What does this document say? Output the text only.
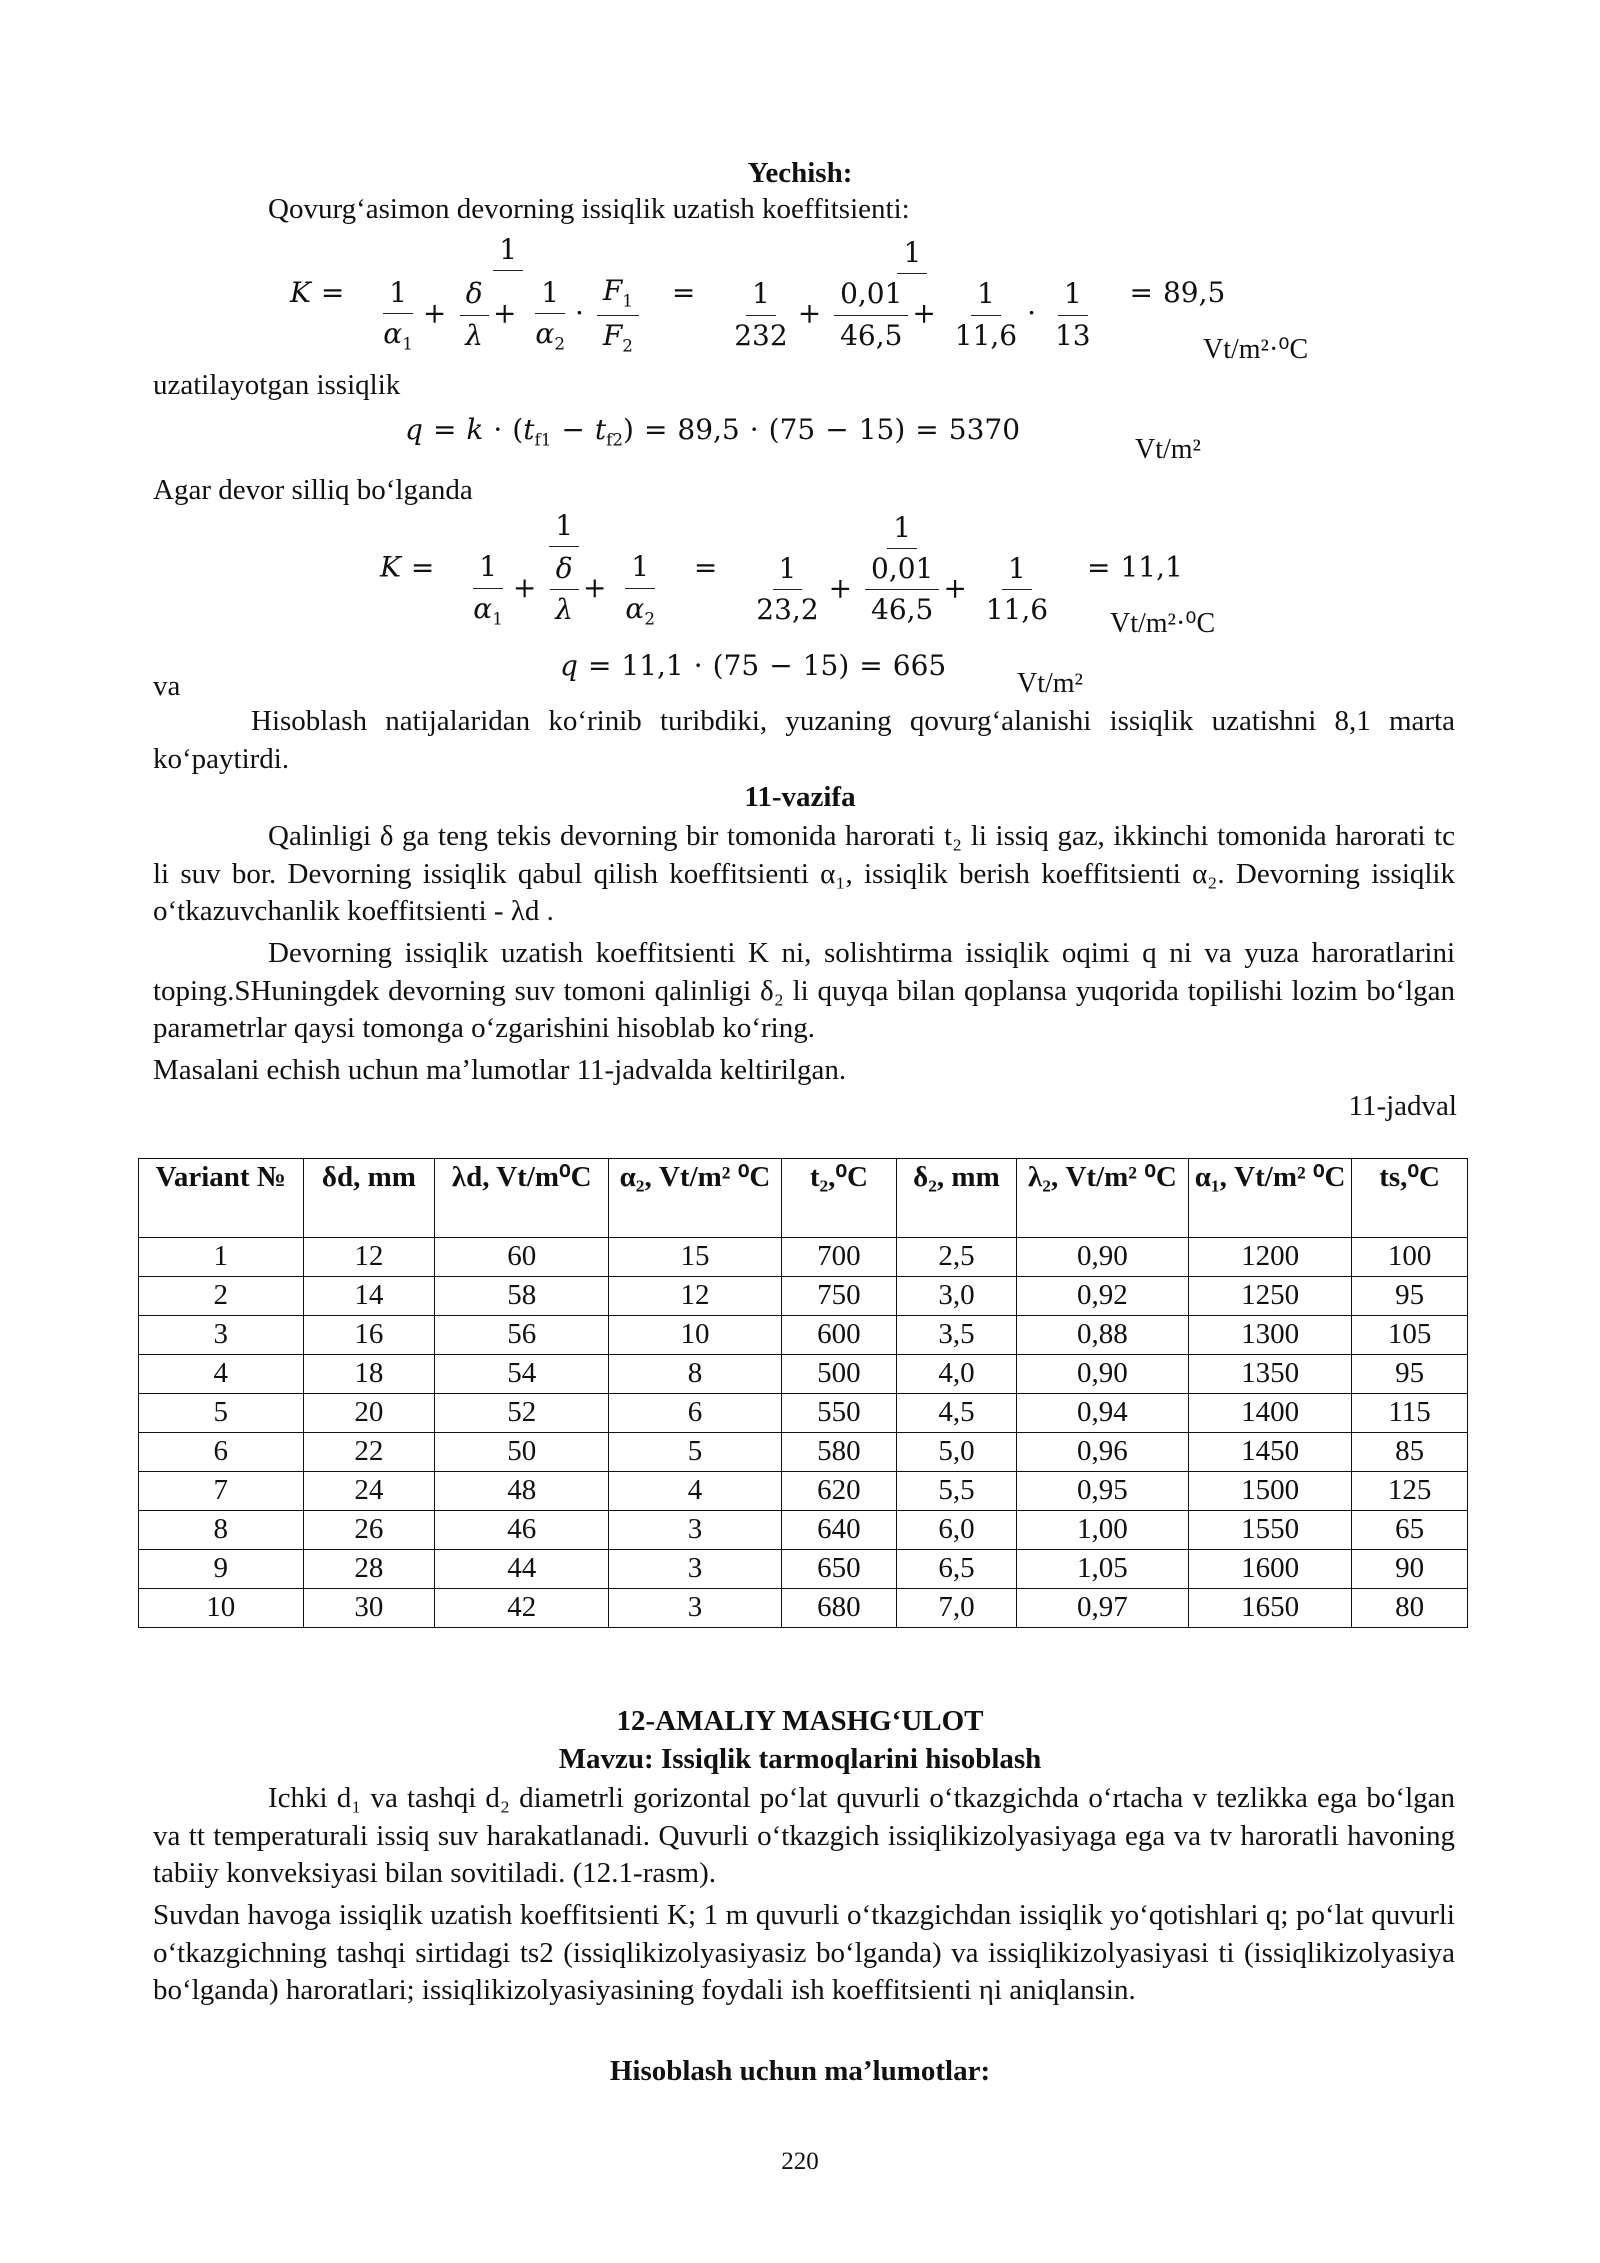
Yechish:
Qovurg‘asimon devorning issiqlik uzatish koeffitsienti:
$K = \frac{1}{\frac{1}{\alpha_1} + \frac{\delta}{\lambda} + \frac{1}{\alpha_2} \cdot \frac{F_1}{F_2}} = \frac{1}{\frac{1}{232} + \frac{0,01}{46,5} + \frac{1}{11,6} \cdot \frac{1}{13}} = 89,5$
Vt/m²·⁰C
uzatilayotgan issiqlik
$q = k \cdot (t_{f1} - t_{f2}) = 89,5 \cdot (75 - 15) = 5370$
Vt/m²
Agar devor silliq bo‘lganda
$K = \frac{1}{\frac{1}{\alpha_1} + \frac{\delta}{\lambda} + \frac{1}{\alpha_2}} = \frac{1}{\frac{1}{23,2} + \frac{0,01}{46,5} + \frac{1}{11,6}} = 11,1$
Vt/m²·⁰C
va
q = 11,1 · (75 − 15) = 665
Vt/m²
Hisoblash natijalaridan ko‘rinib turibdiki, yuzaning qovurg‘alanishi issiqlik uzatishni 8,1 marta ko‘paytirdi.
11-vazifa
Qalinligi δ ga teng tekis devorning bir tomonida harorati t₂ li issiq gaz, ikkinchi tomonida harorati tc li suv bor. Devorning issiqlik qabul qilish koeffitsienti α₁, issiqlik berish koeffitsienti α₂. Devorning issiqlik o‘tkazuvchanlik koeffitsienti - λd .
Devorning issiqlik uzatish koeffitsienti K ni, solishtirma issiqlik oqimi q ni va yuza haroratlarini toping.SHuningdek devorning suv tomoni qalinligi δ₂ li quyqa bilan qoplansa yuqorida topilishi lozim bo‘lgan parametrlar qaysi tomonga o‘zgarishini hisoblab ko‘ring.
Masalani echish uchun ma’lumotlar 11-jadvalda keltirilgan.
11-jadval
Variant №	δd, mm	λd, Vt/m⁰C	α₂, Vt/m² ⁰C	t₂,⁰C	δ₂, mm	λ₂, Vt/m² ⁰C	α₁, Vt/m² ⁰C	ts,⁰C
1	12	60	15	700	2,5	0,90	1200	100
2	14	58	12	750	3,0	0,92	1250	95
3	16	56	10	600	3,5	0,88	1300	105
4	18	54	8	500	4,0	0,90	1350	95
5	20	52	6	550	4,5	0,94	1400	115
6	22	50	5	580	5,0	0,96	1450	85
7	24	48	4	620	5,5	0,95	1500	125
8	26	46	3	640	6,0	1,00	1550	65
9	28	44	3	650	6,5	1,05	1600	90
10	30	42	3	680	7,0	0,97	1650	80
12-AMALIY MASHG‘ULOT
Mavzu: Issiqlik tarmoqlarini hisoblash
Ichki d₁ va tashqi d₂ diametrli gorizontal po‘lat quvurli o‘tkazgichda o‘rtacha v tezlikka ega bo‘lgan va tt temperaturali issiq suv harakatlanadi. Quvurli o‘tkazgich issiqlikizolyasiyaga ega va tv haroratli havoning tabiiy konveksiyasi bilan sovitiladi. (12.1-rasm).
Suvdan havoga issiqlik uzatish koeffitsienti K; 1 m quvurli o‘tkazgichdan issiqlik yo‘qotishlari q; po‘lat quvurli o‘tkazgichning tashqi sirtidagi ts2 (issiqlikizolyasiyasiz bo‘lganda) va issiqlikizolyasiyasi ti (issiqlikizolyasiya bo‘lganda) haroratlari; issiqlikizolyasiyasining foydali ish koeffitsienti ηi aniqlansin.
Hisoblash uchun ma’lumotlar:
220
